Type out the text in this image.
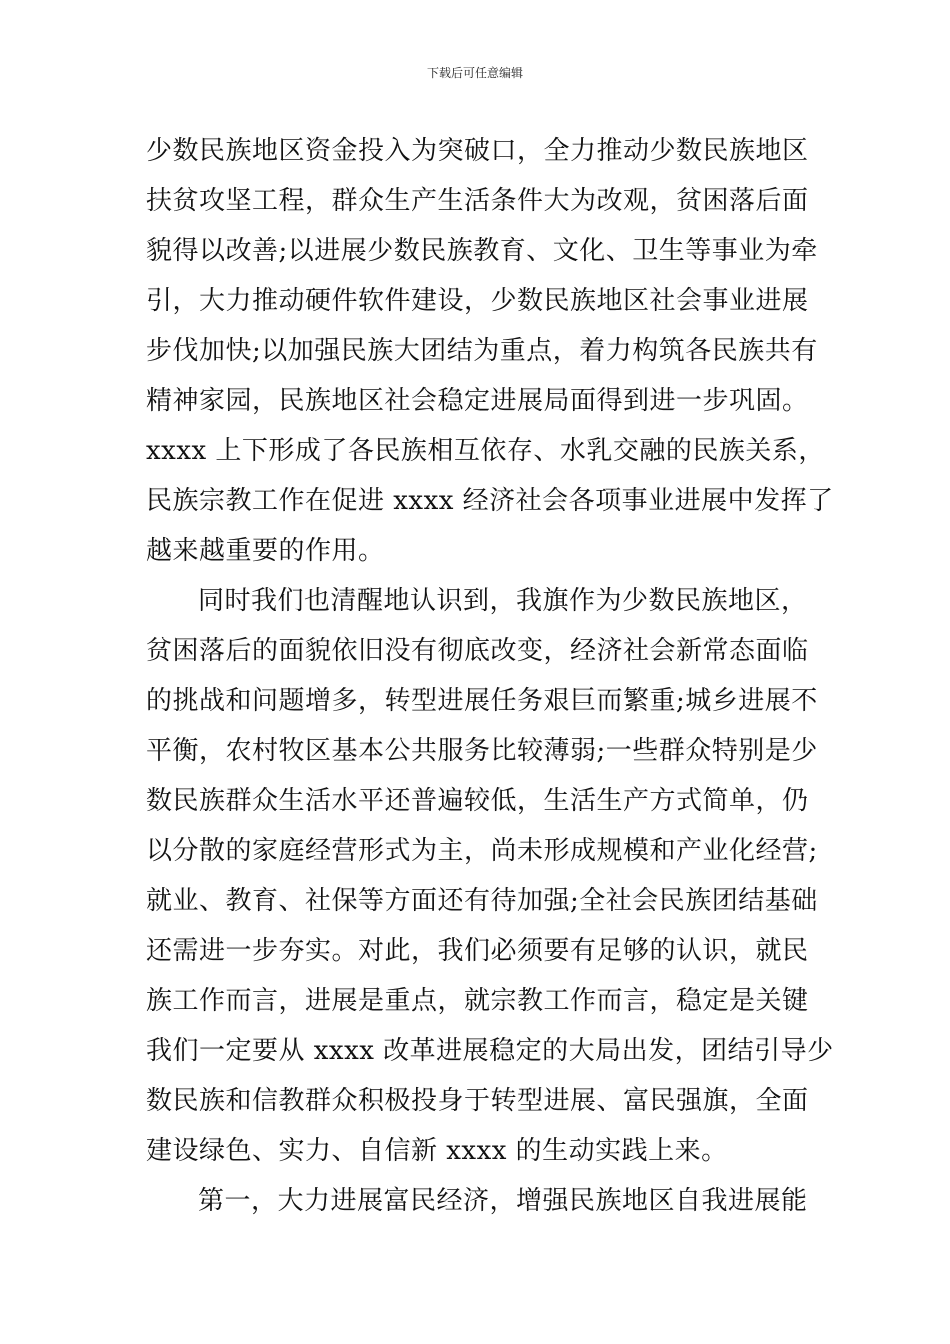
下载后可任意编辑
少数民族地区资金投入为突破口，全力推动少数民族地区
扶贫攻坚工程，群众生产生活条件大为改观，贫困落后面
貌得以改善;以进展少数民族教育、文化、卫生等事业为牵
引，大力推动硬件软件建设，少数民族地区社会事业进展
步伐加快;以加强民族大团结为重点，着力构筑各民族共有
精神家园，民族地区社会稳定进展局面得到进一步巩固。
xxxx 上下形成了各民族相互依存、水乳交融的民族关系，
民族宗教工作在促进 xxxx 经济社会各项事业进展中发挥了
越来越重要的作用。
同时我们也清醒地认识到，我旗作为少数民族地区，
贫困落后的面貌依旧没有彻底改变，经济社会新常态面临
的挑战和问题增多，转型进展任务艰巨而繁重;城乡进展不
平衡，农村牧区基本公共服务比较薄弱;一些群众特别是少
数民族群众生活水平还普遍较低，生活生产方式简单，仍
以分散的家庭经营形式为主，尚未形成规模和产业化经营;
就业、教育、社保等方面还有待加强;全社会民族团结基础
还需进一步夯实。对此，我们必须要有足够的认识，就民
族工作而言，进展是重点，就宗教工作而言，稳定是关键
我们一定要从 xxxx 改革进展稳定的大局出发，团结引导少
数民族和信教群众积极投身于转型进展、富民强旗，全面
建设绿色、实力、自信新 xxxx 的生动实践上来。
第一，大力进展富民经济，增强民族地区自我进展能
